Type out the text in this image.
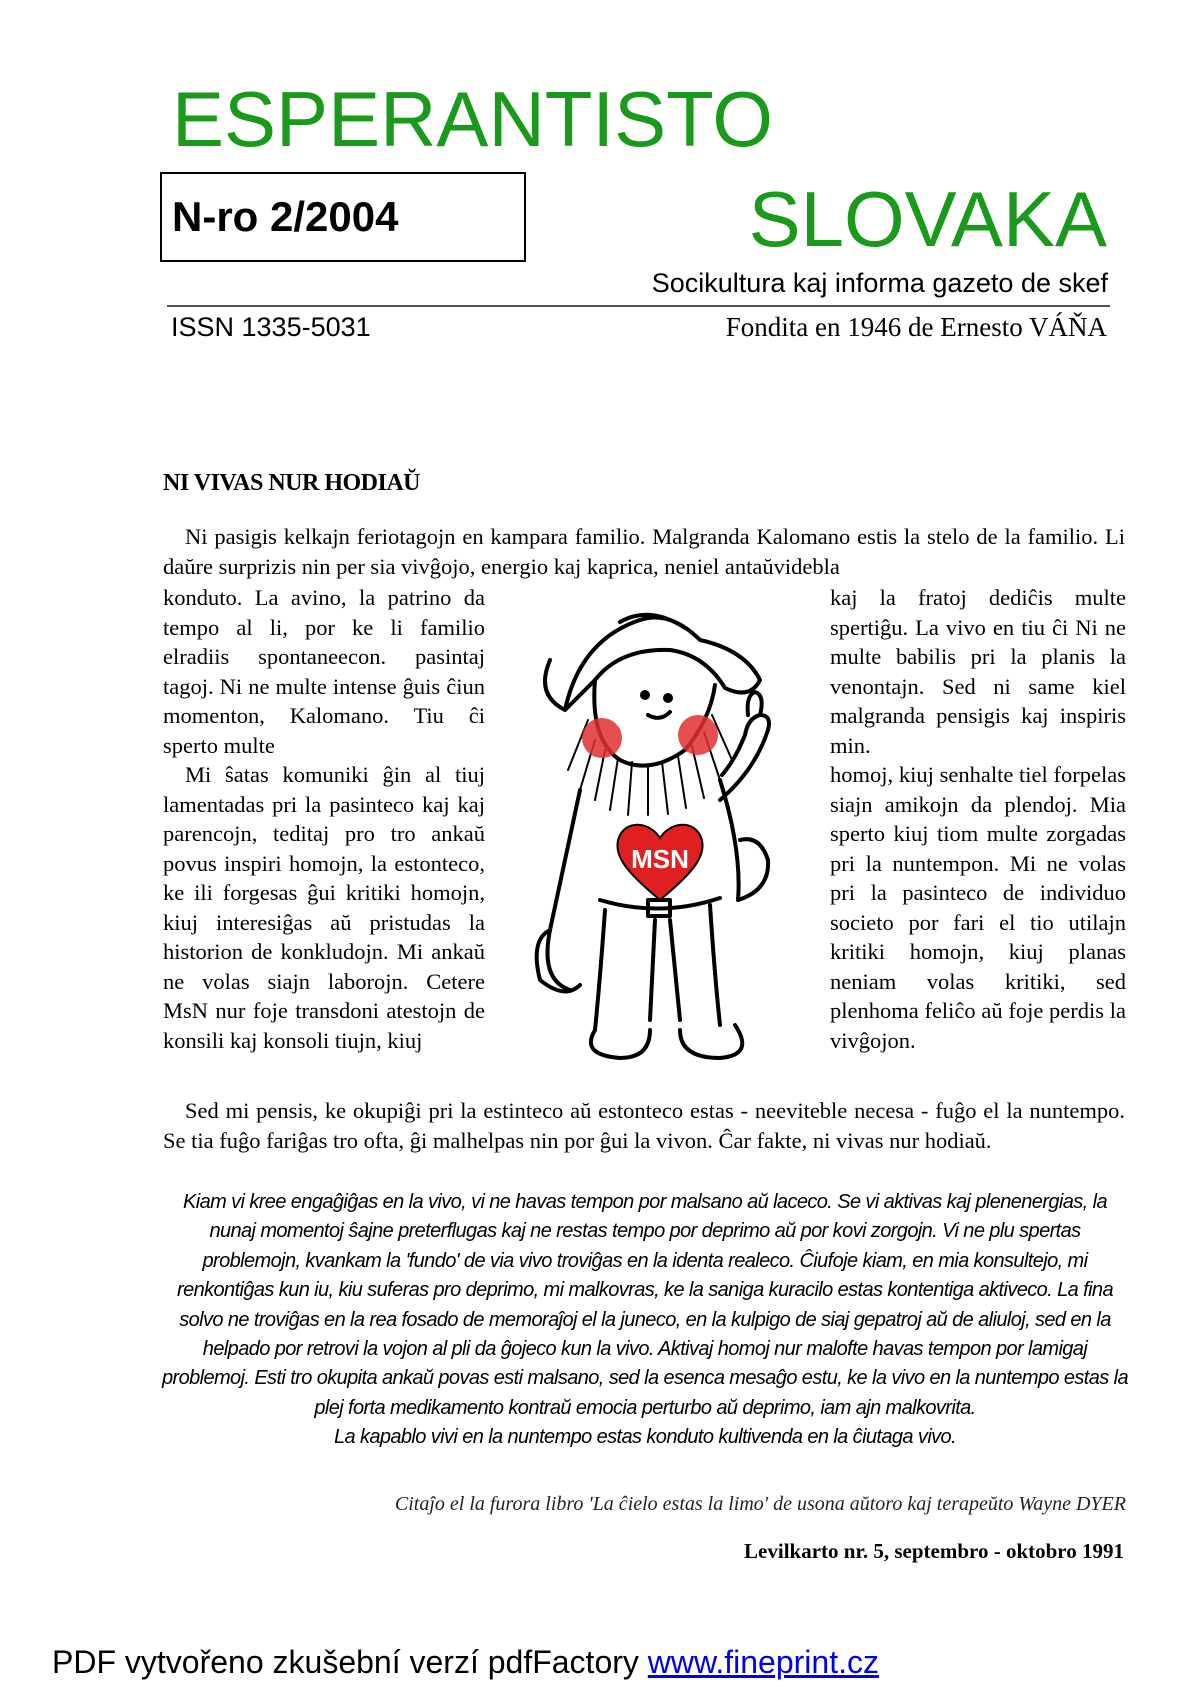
ESPERANTISTO
N-ro 2/2004	SLOVAKA
Socikultura kaj informa gazeto de skef
ISSN 1335-5031	Fondita en 1946 de Ernesto VÁŇA
NI VIVAS NUR HODIAŬ

Ni pasigis kelkajn feriotagojn en kampara familio. Malgranda Kalomano estis la stelo de la familio. Li daŭre surprizis nin per sia vivĝojo, energio kaj kaprica, neniel antaŭvidebla

konduto. La avino, la patrino da tempo al li, por ke li familio elradiis spontaneecon. pasintaj tagoj. Ni ne multe intense ĝuis ĉiun momenton, Kalomano. Tiu ĉi sperto multe

Mi ŝatas komuniki ĝin al tiuj lamentadas pri la pasinteco kaj kaj parencojn, teditaj pro tro ankaŭ povus inspiri homojn, la estonteco, ke ili forgesas ĝui kritiki homojn, kiuj interesiĝas aŭ pristudas la historion de konkludojn. Mi ankaŭ ne volas siajn laborojn. Cetere MsN nur foje transdoni atestojn de konsili kaj konsoli tiujn, kiuj

kaj la fratoj dediĉis multe spertiĝu. La vivo en tiu ĉi Ni ne multe babilis pri la planis la venontajn. Sed ni same kiel malgranda pensigis kaj inspiris min.

homoj, kiuj senhalte tiel forpelas siajn amikojn da plendoj. Mia sperto kiuj tiom multe zorgadas pri la nuntempon. Mi ne volas pri la pasinteco de individuo societo por fari el tio utilajn kritiki homojn, kiuj planas neniam volas kritiki, sed plenhoma feliĉo aŭ foje perdis la vivĝojon.

MSN

Sed mi pensis, ke okupiĝi pri la estinteco aŭ estonteco estas - neeviteble necesa - fuĝo el la nuntempo. Se tia fuĝo fariĝas tro ofta, ĝi malhelpas nin por ĝui la vivon. Ĉar fakte, ni vivas nur hodiaŭ.

Kiam vi kree engaĝiĝas en la vivo, vi ne havas tempon por malsano aŭ laceco. Se vi aktivas kaj plenenergias, la nunaj momentoj ŝajne preterflugas kaj ne restas tempo por deprimo aŭ por kovi zorgojn. Vi ne plu spertas problemojn, kvankam la 'fundo' de via vivo troviĝas en la identa realeco. Ĉiufoje kiam, en mia konsultejo, mi renkontiĝas kun iu, kiu suferas pro deprimo, mi malkovras, ke la saniga kuracilo estas kontentiga aktiveco. La fina solvo ne troviĝas en la rea fosado de memoraĵoj el la juneco, en la kulpigo de siaj gepatroj aŭ de aliuloj, sed en la helpado por retrovi la vojon al pli da ĝojeco kun la vivo. Aktivaj homoj nur malofte havas tempon por lamigaj problemoj. Esti tro okupita ankaŭ povas esti malsano, sed la esenca mesaĝo estu, ke la vivo en la nuntempo estas la plej forta medikamento kontraŭ emocia perturbo aŭ deprimo, iam ajn malkovrita.
La kapablo vivi en la nuntempo estas konduto kultivenda en la ĉiutaga vivo.
Citaĵo el la furora libro 'La ĉielo estas la limo' de usona aŭtoro kaj terapeŭto Wayne DYER
Levilkarto nr. 5, septembro - oktobro 1991
PDF vytvořeno zkušební verzí pdfFactory www.fineprint.cz
